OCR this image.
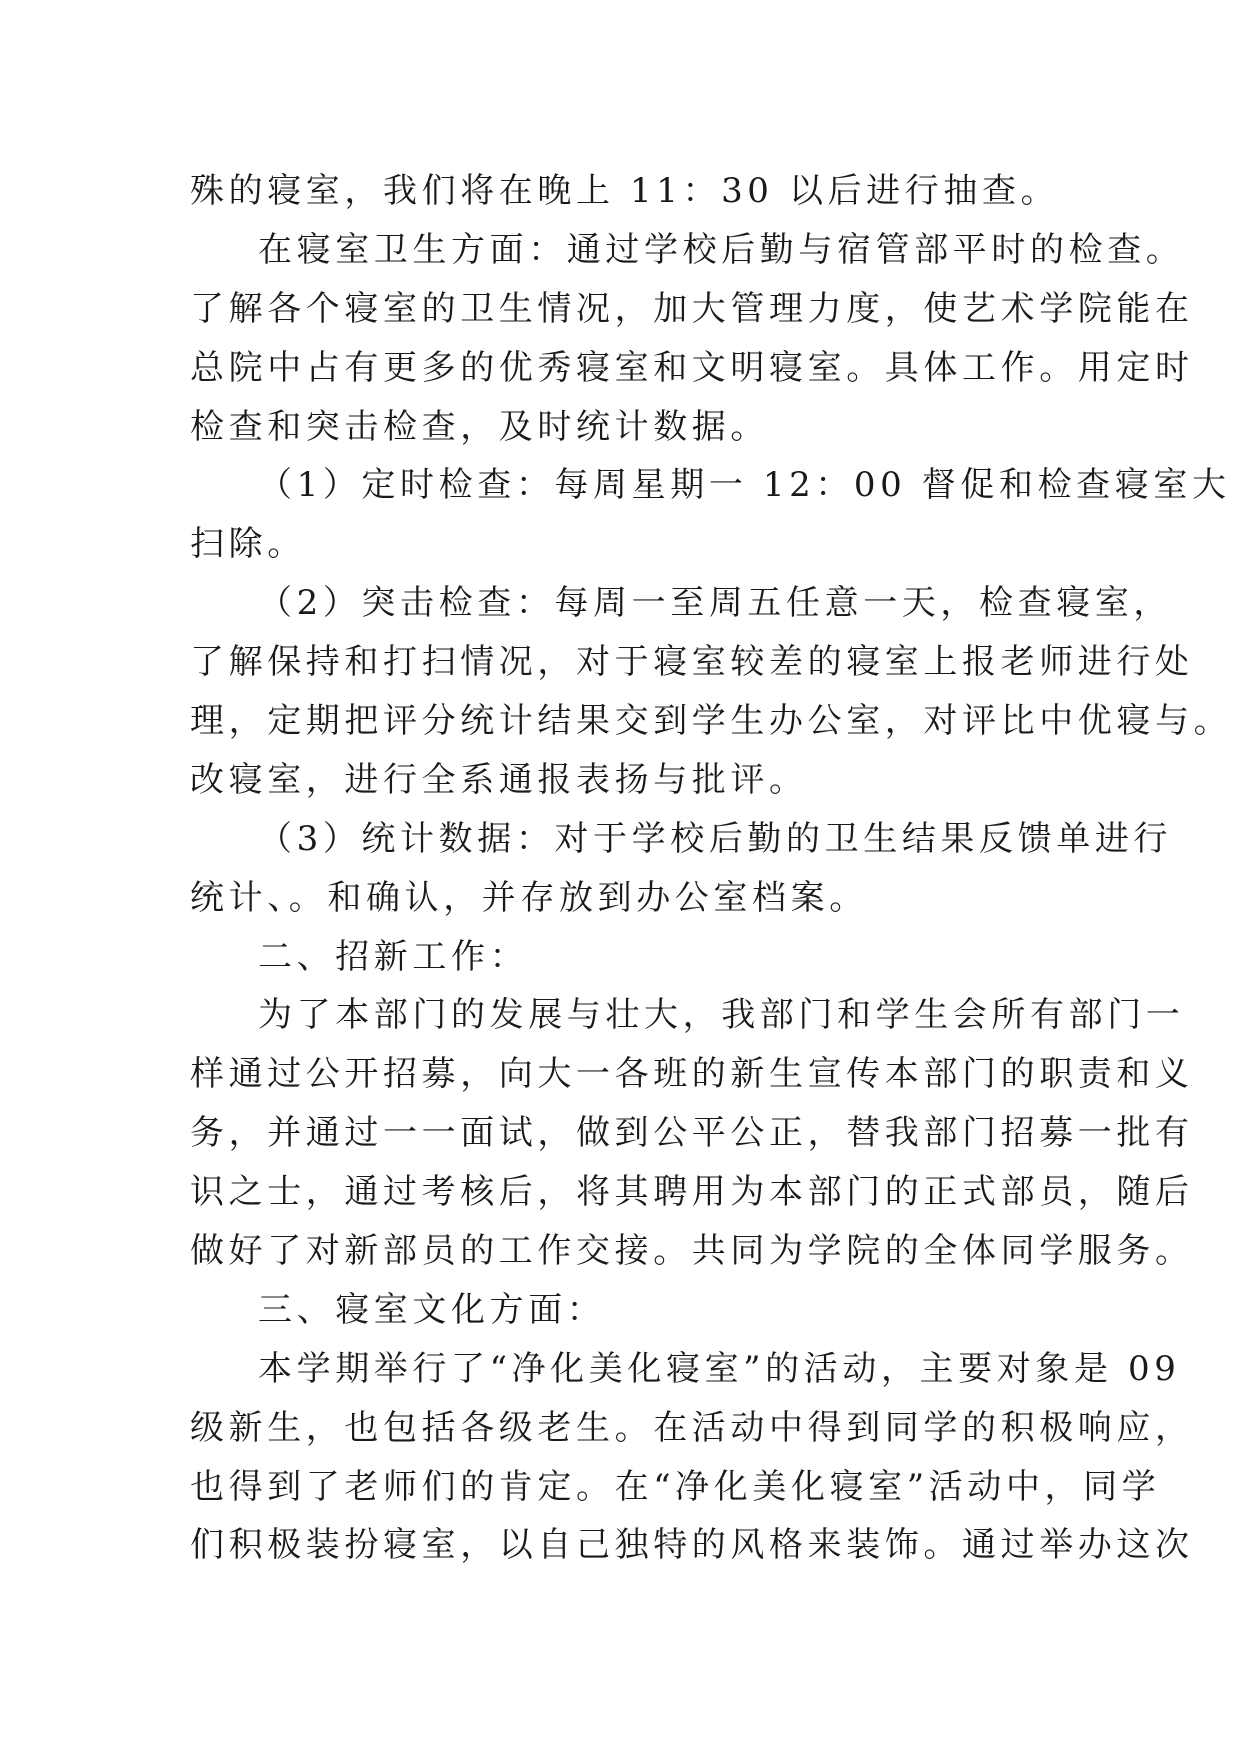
殊的寝室，我们将在晚上 11：30 以后进行抽查。
在寝室卫生方面：通过学校后勤与宿管部平时的检查。
了解各个寝室的卫生情况，加大管理力度，使艺术学院能在
总院中占有更多的优秀寝室和文明寝室。具体工作。用定时
检查和突击检查，及时统计数据。
（1）定时检查：每周星期一 12：00 督促和检查寝室大
扫除。
（2）突击检查：每周一至周五任意一天，检查寝室，
了解保持和打扫情况，对于寝室较差的寝室上报老师进行处
理，定期把评分统计结果交到学生办公室，对评比中优寝与。
改寝室，进行全系通报表扬与批评。
（3）统计数据：对于学校后勤的卫生结果反馈单进行
统计、。和确认，并存放到办公室档案。
二、招新工作：
为了本部门的发展与壮大，我部门和学生会所有部门一
样通过公开招募，向大一各班的新生宣传本部门的职责和义
务，并通过一一面试，做到公平公正，替我部门招募一批有
识之士，通过考核后，将其聘用为本部门的正式部员，随后
做好了对新部员的工作交接。共同为学院的全体同学服务。
三、寝室文化方面：
本学期举行了“净化美化寝室”的活动，主要对象是 09
级新生，也包括各级老生。在活动中得到同学的积极响应，
也得到了老师们的肯定。在“净化美化寝室”活动中，同学
们积极装扮寝室，以自己独特的风格来装饰。通过举办这次
